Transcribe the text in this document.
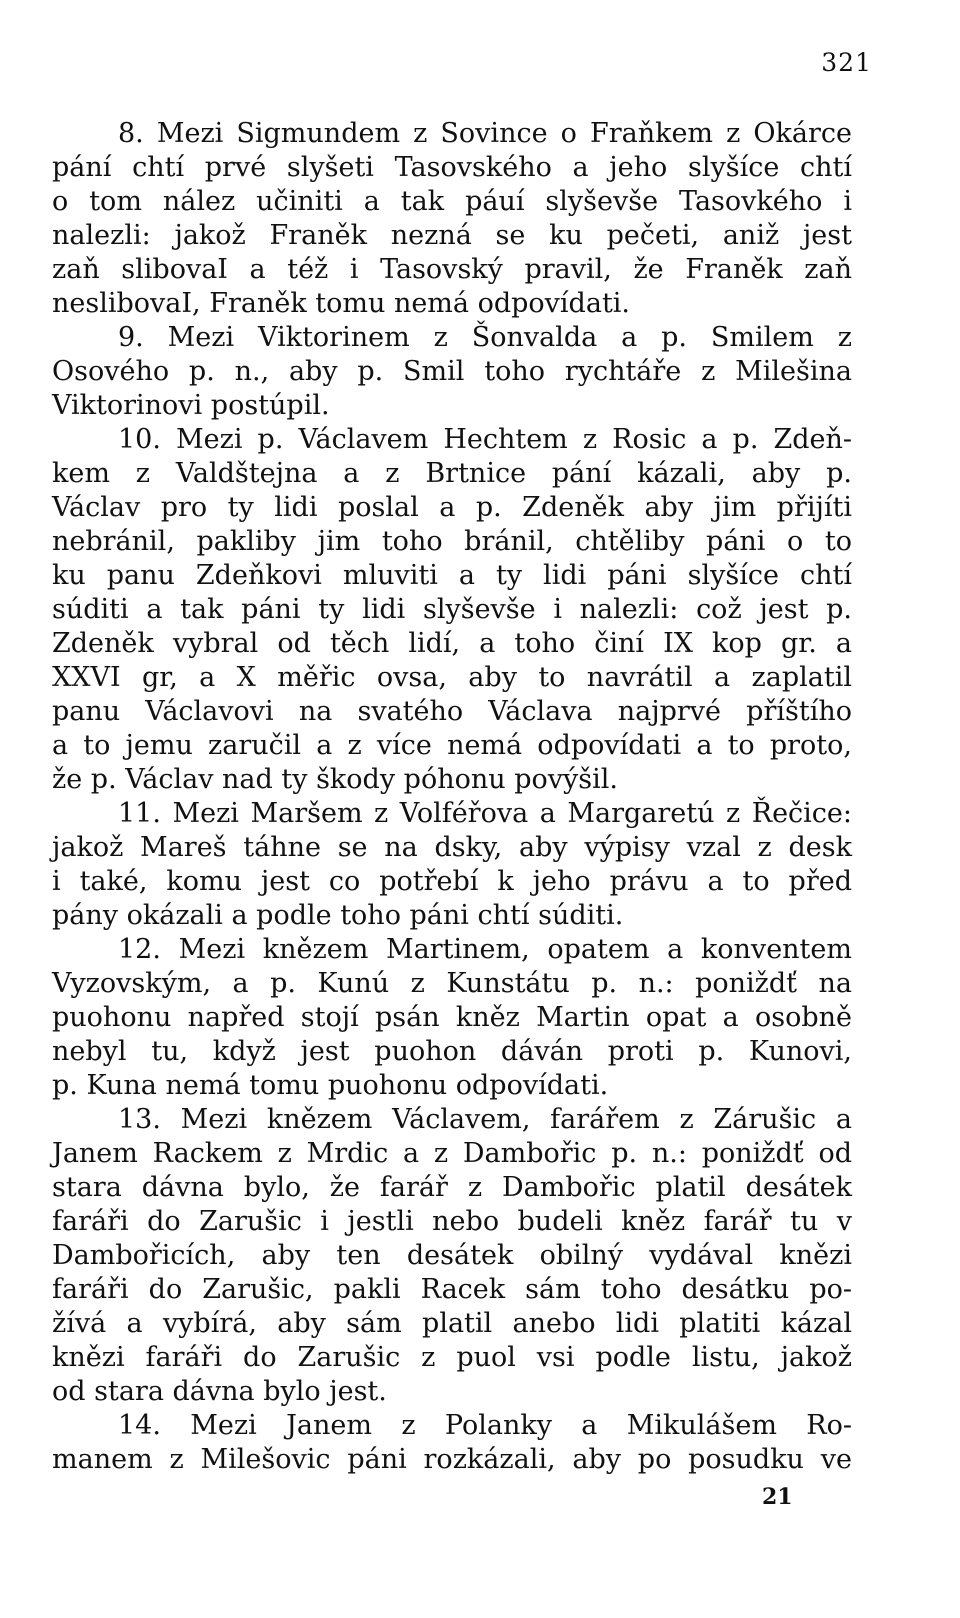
321
8. Mezi Sigmundem z Sovince o Fraňkem z Okárce
pání chtí prvé slyšeti Tasovského a jeho slyšíce chtí
o tom nález učiniti a tak páuí slyševše Tasovkého i
nalezli: jakož Franěk nezná se ku pečeti, aniž jest
zaň slibovaI a též i Tasovský pravil, že Franěk zaň
neslibovaI, Franěk tomu nemá odpovídati.
9. Mezi Viktorinem z Šonvalda a p. Smilem z
Osového p. n., aby p. Smil toho rychtáře z Milešina
Viktorinovi postúpil.
10. Mezi p. Václavem Hechtem z Rosic a p. Zdeň-
kem z Valdštejna a z Brtnice pání kázali, aby p.
Václav pro ty lidi poslal a p. Zdeněk aby jim přijíti
nebránil, pakliby jim toho bránil, chtěliby páni o to
ku panu Zdeňkovi mluviti a ty lidi páni slyšíce chtí
súditi a tak páni ty lidi slyševše i nalezli: což jest p.
Zdeněk vybral od těch lidí, a toho činí IX kop gr. a
XXVI gr, a X měřic ovsa, aby to navrátil a zaplatil
panu Václavovi na svatého Václava najprvé příštího
a to jemu zaručil a z více nemá odpovídati a to proto,
že p. Václav nad ty škody póhonu povýšil.
11. Mezi Maršem z Volféřova a Margaretú z Řečice:
jakož Mareš táhne se na dsky, aby výpisy vzal z desk
i také, komu jest co potřebí k jeho právu a to před
pány okázali a podle toho páni chtí súditi.
12. Mezi knězem Martinem, opatem a konventem
Vyzovským, a p. Kunú z Kunstátu p. n.: poniždť na
puohonu napřed stojí psán kněz Martin opat a osobně
nebyl tu, když jest puohon dáván proti p. Kunovi,
p. Kuna nemá tomu puohonu odpovídati.
13. Mezi knězem Václavem, farářem z Zárušic a
Janem Rackem z Mrdic a z Dambořic p. n.: poniždť od
stara dávna bylo, že farář z Dambořic platil desátek
faráři do Zarušic i jestli nebo budeli kněz farář tu v
Dambořicích, aby ten desátek obilný vydával knězi
faráři do Zarušic, pakli Racek sám toho desátku po-
žívá a vybírá, aby sám platil anebo lidi platiti kázal
knězi faráři do Zarušic z puol vsi podle listu, jakož
od stara dávna bylo jest.
14. Mezi Janem z Polanky a Mikulášem Ro-
manem z Milešovic páni rozkázali, aby po posudku ve
21
